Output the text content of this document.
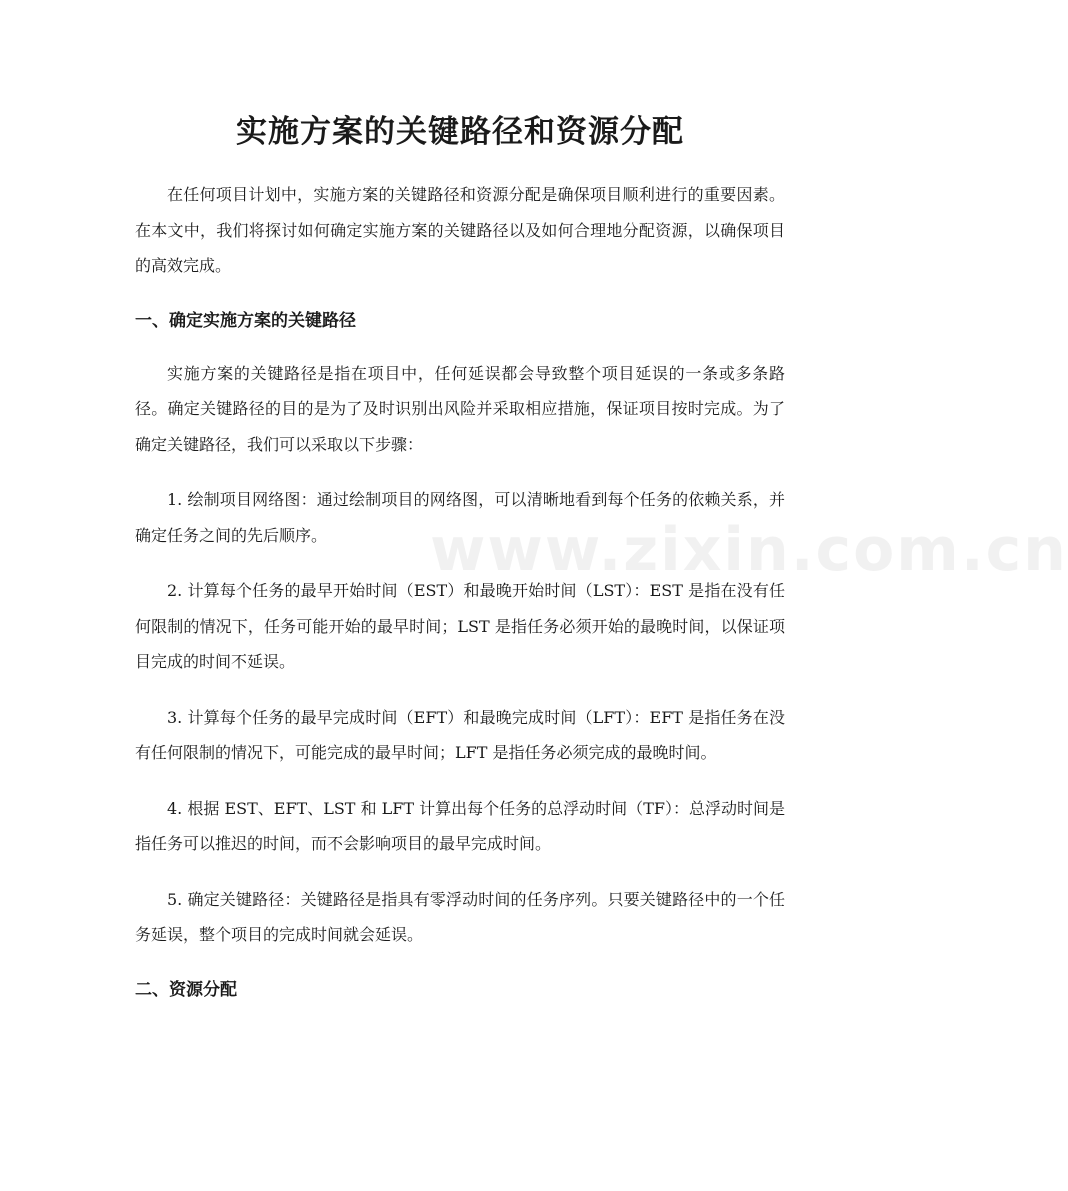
实施方案的关键路径和资源分配

在任何项目计划中，实施方案的关键路径和资源分配是确保项目顺利进行的重要因素。在本文中，我们将探讨如何确定实施方案的关键路径以及如何合理地分配资源，以确保项目的高效完成。

一、确定实施方案的关键路径

实施方案的关键路径是指在项目中，任何延误都会导致整个项目延误的一条或多条路径。确定关键路径的目的是为了及时识别出风险并采取相应措施，保证项目按时完成。为了确定关键路径，我们可以采取以下步骤：

1. 绘制项目网络图：通过绘制项目的网络图，可以清晰地看到每个任务的依赖关系，并确定任务之间的先后顺序。

2. 计算每个任务的最早开始时间（EST）和最晚开始时间（LST）：EST 是指在没有任何限制的情况下，任务可能开始的最早时间；LST 是指任务必须开始的最晚时间，以保证项目完成的时间不延误。

3. 计算每个任务的最早完成时间（EFT）和最晚完成时间（LFT）：EFT 是指任务在没有任何限制的情况下，可能完成的最早时间；LFT 是指任务必须完成的最晚时间。

4. 根据 EST、EFT、LST 和 LFT 计算出每个任务的总浮动时间（TF）：总浮动时间是指任务可以推迟的时间，而不会影响项目的最早完成时间。

5. 确定关键路径：关键路径是指具有零浮动时间的任务序列。只要关键路径中的一个任务延误，整个项目的完成时间就会延误。

二、资源分配
www.zixin.com.cn
